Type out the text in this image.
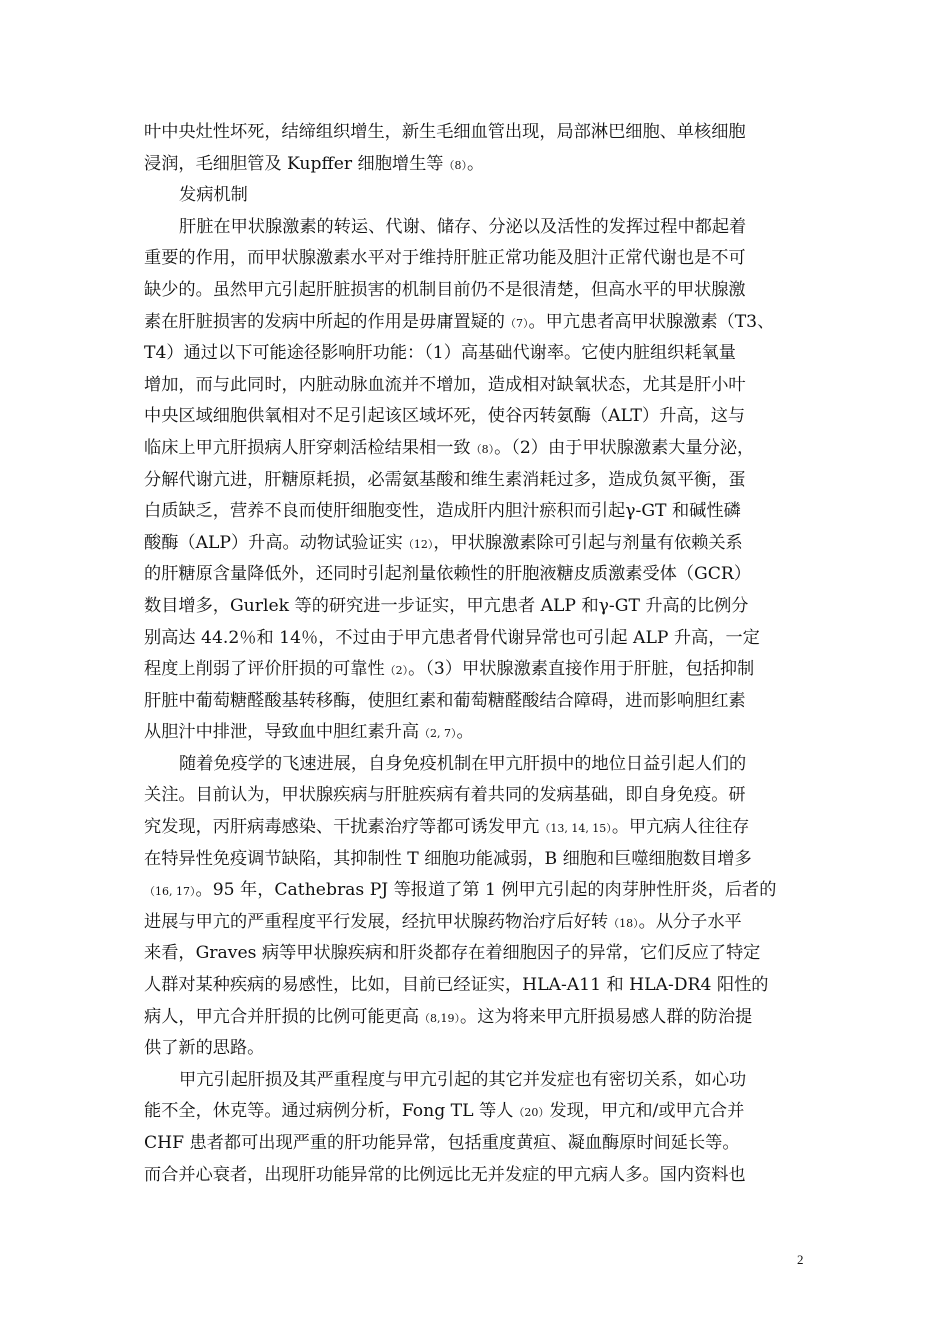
叶中央灶性坏死，结缔组织增生，新生毛细血管出现，局部淋巴细胞、单核细胞
浸润，毛细胆管及 Kupffer 细胞增生等（8）。
发病机制
肝脏在甲状腺激素的转运、代谢、储存、分泌以及活性的发挥过程中都起着
重要的作用，而甲状腺激素水平对于维持肝脏正常功能及胆汁正常代谢也是不可
缺少的。虽然甲亢引起肝脏损害的机制目前仍不是很清楚，但高水平的甲状腺激
素在肝脏损害的发病中所起的作用是毋庸置疑的（7）。甲亢患者高甲状腺激素（T3、
T4）通过以下可能途径影响肝功能：（1）高基础代谢率。它使内脏组织耗氧量
增加，而与此同时，内脏动脉血流并不增加，造成相对缺氧状态，尤其是肝小叶
中央区域细胞供氧相对不足引起该区域坏死，使谷丙转氨酶（ALT）升高，这与
临床上甲亢肝损病人肝穿刺活检结果相一致（8）。（2）由于甲状腺激素大量分泌，
分解代谢亢进，肝糖原耗损，必需氨基酸和维生素消耗过多，造成负氮平衡，蛋
白质缺乏，营养不良而使肝细胞变性，造成肝内胆汁瘀积而引起γ-GT 和碱性磷
酸酶（ALP）升高。动物试验证实（12），甲状腺激素除可引起与剂量有依赖关系
的肝糖原含量降低外，还同时引起剂量依赖性的肝胞液糖皮质激素受体（GCR）
数目增多，Gurlek 等的研究进一步证实，甲亢患者 ALP 和γ-GT 升高的比例分
别高达 44.2％和 14％，不过由于甲亢患者骨代谢异常也可引起 ALP 升高，一定
程度上削弱了评价肝损的可靠性（2）。（3）甲状腺激素直接作用于肝脏，包括抑制
肝脏中葡萄糖醛酸基转移酶，使胆红素和葡萄糖醛酸结合障碍，进而影响胆红素
从胆汁中排泄，导致血中胆红素升高（2, 7）。
随着免疫学的飞速进展，自身免疫机制在甲亢肝损中的地位日益引起人们的
关注。目前认为，甲状腺疾病与肝脏疾病有着共同的发病基础，即自身免疫。研
究发现，丙肝病毒感染、干扰素治疗等都可诱发甲亢（13, 14, 15）。甲亢病人往往存
在特异性免疫调节缺陷，其抑制性 T 细胞功能减弱，B 细胞和巨噬细胞数目增多
（16, 17）。95 年，Cathebras PJ 等报道了第 1 例甲亢引起的肉芽肿性肝炎，后者的
进展与甲亢的严重程度平行发展，经抗甲状腺药物治疗后好转（18）。从分子水平
来看，Graves 病等甲状腺疾病和肝炎都存在着细胞因子的异常，它们反应了特定
人群对某种疾病的易感性，比如，目前已经证实，HLA-A11 和 HLA-DR4 阳性的
病人，甲亢合并肝损的比例可能更高（8,19）。这为将来甲亢肝损易感人群的防治提
供了新的思路。
甲亢引起肝损及其严重程度与甲亢引起的其它并发症也有密切关系，如心功
能不全，休克等。通过病例分析，Fong TL 等人（20）发现，甲亢和/或甲亢合并
CHF 患者都可出现严重的肝功能异常，包括重度黄疸、凝血酶原时间延长等。
而合并心衰者，出现肝功能异常的比例远比无并发症的甲亢病人多。国内资料也
2
